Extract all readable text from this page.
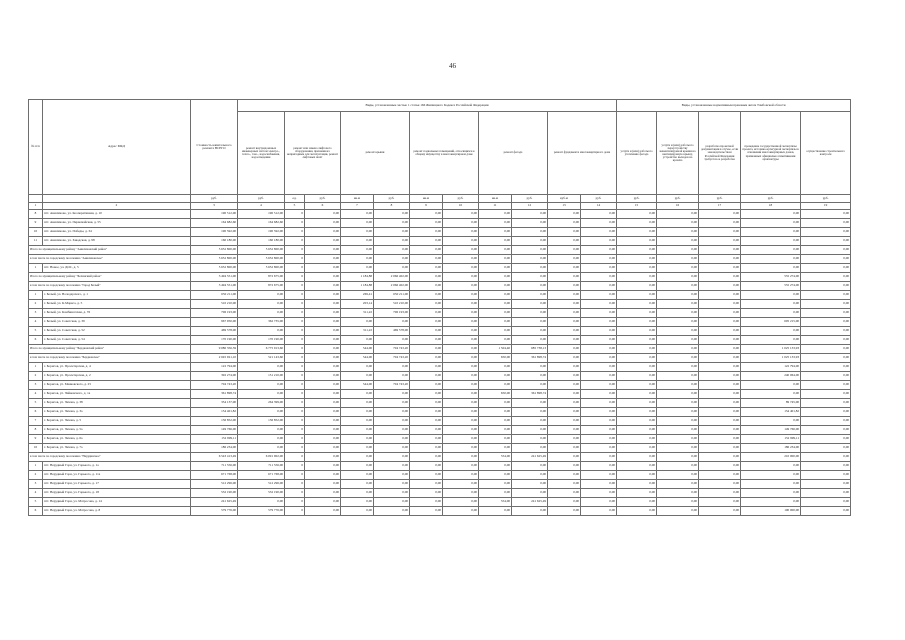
46
№ п/п	Адрес МКД	Стоимость капитального ремонта ВСЕГО	Виды, установленные частью 1 статьи 166 Жилищного Кодекса Российской Федерации											Виды, установленные нормативным правовым актом Тамбовской области				
			ремонт внутридомовых инженерных систем электро-, тепло-, газо-, водоснабжения, водоотведения	ремонт или замена лифтового оборудования, признанного непригодным для эксплуатации, ремонт лифтовых шахт		ремонт крыши		ремонт подвальных помещений, относящихся к общему имуществу в многоквартирном доме		ремонт фасада		ремонт фундамента многоквартирного дома		услуги и (или) работы по утеплению фасада	услуги и (или) работы по переустройству невентилируемой крыши на вентилируемую крышу, устройство выходов на кровлю	разработка проектной документации в случае, если законодательством Российской Федерации требуется ее разработка	проведение государственной экспертизы проекта, историко-культурной экспертизы в отношении многоквартирных домов, признанных официально памятниками архитектуры	осуществление строительного контроля
		руб.	руб.	ед.	руб.	кв.м	руб.	кв.м	руб.	кв.м	руб.	куб.м	руб.	руб.	руб.	руб.	руб.	руб.
1	2	3	4	5	6	7	8	9	10	11	12	13	14	15	16	17	18	19
8	пгт. Анисимово, ул. Кооперативная, д. 10	190 512,00	190 512,00	0	0,00	0,00	0,00	0,00	0,00	0,00	0,00	0,00	0,00	0,00	0,00	0,00	0,00	0,00
9	пгт. Анисимово, ул. Первомайская, д. 55	164 682,60	164 682,60	0	0,00	0,00	0,00	0,00	0,00	0,00	0,00	0,00	0,00	0,00	0,00	0,00	0,00	0,00
10	пгт. Анисимово, ул. Победы, д. 34	190 592,00	190 592,00	0	0,00	0,00	0,00	0,00	0,00	0,00	0,00	0,00	0,00	0,00	0,00	0,00	0,00	0,00
11	пгт. Анисимово, ул. Заводская, д. 98	160 180,00	160 180,00	0	0,00	0,00	0,00	0,00	0,00	0,00	0,00	0,00	0,00	0,00	0,00	0,00	0,00	0,00
Итого по муниципальному району "Анисимовский район"		5 652 800,00	5 652 800,00	0	0,00	0,00	0,00	0,00	0,00	0,00	0,00	0,00	0,00	0,00	0,00	0,00	0,00	0,00
в том числе по городскому поселению "Анисимовское"		5 652 800,00	5 652 800,00	0	0,00	0,00	0,00	0,00	0,00	0,00	0,00	0,00	0,00	0,00	0,00	0,00	0,00	0,00
1	пгт. Новое, ул. ДОС, д. 5	5 652 800,00	5 652 800,00	0	0,00	0,00	0,00	0,00	0,00	0,00	0,00	0,00	0,00	0,00	0,00	0,00	0,00	0,00
Итого по муниципальному району "Белинский район"		3 494 551,00	872 675,00	0	0,00	1 184,88	2 066 402,00	0,00	0,00	0,00	0,00	0,00	0,00	0,00	0,00	0,00	555 274,00	0,00
в том числе по городскому поселению "Город Белый"		3 494 551,00	872 675,00	0	0,00	1 184,88	2 066 402,00	0,00	0,00	0,00	0,00	0,00	0,00	0,00	0,00	0,00	555 274,00	0,00
1	г. Белый, ул. Володарского, д. 1	650 211,00	0,00	0	0,00	269,41	650 211,00	0,00	0,00	0,00	0,00	0,00	0,00	0,00	0,00	0,00	0,00	0,00
2	г. Белый, ул. К.Маркса, д. 5	510 210,00	0,00	0	0,00	203,14	510 210,00	0,00	0,00	0,00	0,00	0,00	0,00	0,00	0,00	0,00	0,00	0,00
3	г. Белый, ул. Комбинатская, д. 76	706 193,00	0,00	0	0,00	311,22	706 193,00	0,00	0,00	0,00	0,00	0,00	0,00	0,00	0,00	0,00	0,00	0,00
4	г. Белый, ул. Советская, д. 39	967 950,00	362 735,00	0	0,00	0,00	0,00	0,00	0,00	0,00	0,00	0,00	0,00	0,00	0,00	0,00	605 215,00	0,00
5	г. Белый, ул. Советская, д. 52	469 578,00	0,00	0	0,00	311,22	469 578,00	0,00	0,00	0,00	0,00	0,00	0,00	0,00	0,00	0,00	0,00	0,00
6	г. Белый, ул. Советская, д. 54	170 190,00	170 190,00	0	0,00	0,00	0,00	0,00	0,00	0,00	0,00	0,00	0,00	0,00	0,00	0,00	0,00	0,00
Итого по муниципальному району "Бердюжский район"		9 080 356,59	6 775 913,60	0	0,00	544,00	704 743,20	0,00	0,00	1 504,40	685 738,13	0,00	0,00	0,00	0,00	0,00	1 025 133,93	0,00
в том числе по городскому поселению "Бердюжское"		2 045 921,10	521 143,60	0	0,00	544,00	704 743,20	0,00	0,00	650,00	361 898,74	0,00	0,00	0,00	0,00	0,00	1 025 133,93	0,00
1	г. Борисов, ул. Пролетарская, д. 4	122 794,00	0,00	0	0,00	0,00	0,00	0,00	0,00	0,00	0,00	0,00	0,00	0,00	0,00	0,00	122 794,00	0,00
2	г. Борисов, ул. Пролетарская, д. 2	392 274,00	151 210,00	0	0,00	0,00	0,00	0,00	0,00	0,00	0,00	0,00	0,00	0,00	0,00	0,00	240 064,00	0,00
3	г. Борисов, ул. Маяковского, д. 25	704 743,20	0,00	0	0,00	544,00	704 743,20	0,00	0,00	0,00	0,00	0,00	0,00	0,00	0,00	0,00	0,00	0,00
4	г. Борисов, ул. Чайковского, д. 1а	361 898,74	0,00	0	0,00	0,00	0,00	0,00	0,00	650,00	361 898,74	0,00	0,00	0,00	0,00	0,00	0,00	0,00
5	г. Борисов, ул. Чехова, д. 38	354 137,00	264 399,00	0	0,00	0,00	0,00	0,00	0,00	0,00	0,00	0,00	0,00	0,00	0,00	0,00	89 745,00	0,00
6	г. Борисов, ул. Чехова, д. 3а	154 401,82	0,00	0	0,00	0,00	0,00	0,00	0,00	0,00	0,00	0,00	0,00	0,00	0,00	0,00	154 401,82	0,00
7	г. Борисов, ул. Чехова, д. 5	136 852,00	136 852,00	0	0,00	0,00	0,00	0,00	0,00	0,00	0,00	0,00	0,00	0,00	0,00	0,00	0,00	0,00
8	г. Борисов, ул. Чехова, д. 5а	149 766,00	0,00	0	0,00	0,00	0,00	0,00	0,00	0,00	0,00	0,00	0,00	0,00	0,00	0,00	149 766,00	0,00
9	г. Борисов, ул. Чехова, д. 6а	152 999,11	0,00	0	0,00	0,00	0,00	0,00	0,00	0,00	0,00	0,00	0,00	0,00	0,00	0,00	152 999,11	0,00
10	г. Борисов, ул. Чехова, д. 7а	186 234,00	0,00	0	0,00	0,00	0,00	0,00	0,00	0,00	0,00	0,00	0,00	0,00	0,00	0,00	186 234,00	0,00
в том числе по городскому поселению "Нерудинское"		6 543 413,49	6 091 902,00	0	0,00	0,00	0,00	0,00	0,00	554,00	241 625,49	0,00	0,00	0,00	0,00	0,00	210 000,00	0,00
1	пгт. Нерудный Горн, ул. Горького, д. 1а	711 556,00	711 556,00	0	0,00	0,00	0,00	0,00	0,00	0,00	0,00	0,00	0,00	0,00	0,00	0,00	0,00	0,00
2	пгт. Нерудный Горн, ул. Горького, д. 11а	671 768,00	671 768,00	0	0,00	0,00	0,00	0,00	0,00	0,00	0,00	0,00	0,00	0,00	0,00	0,00	0,00	0,00
3	пгт. Нерудный Горн, ул. Горького, д. 17	512 296,00	512 296,00	0	0,00	0,00	0,00	0,00	0,00	0,00	0,00	0,00	0,00	0,00	0,00	0,00	0,00	0,00
4	пгт. Нерудный Горн, ул. Горького, д. 18	532 190,00	532 190,00	0	0,00	0,00	0,00	0,00	0,00	0,00	0,00	0,00	0,00	0,00	0,00	0,00	0,00	0,00
5	пгт. Нерудный Горн, ул. Матросова, д. 14	241 625,49	0,00	0	0,00	0,00	0,00	0,00	0,00	554,00	241 625,49	0,00	0,00	0,00	0,00	0,00	0,00	0,00
6	пгт. Нерудный Горн, ул. Матросова, д. 8	579 776,00	579 776,00	0	0,00	0,00	0,00	0,00	0,00	0,00	0,00	0,00	0,00	0,00	0,00	0,00	100 000,00	0,00
